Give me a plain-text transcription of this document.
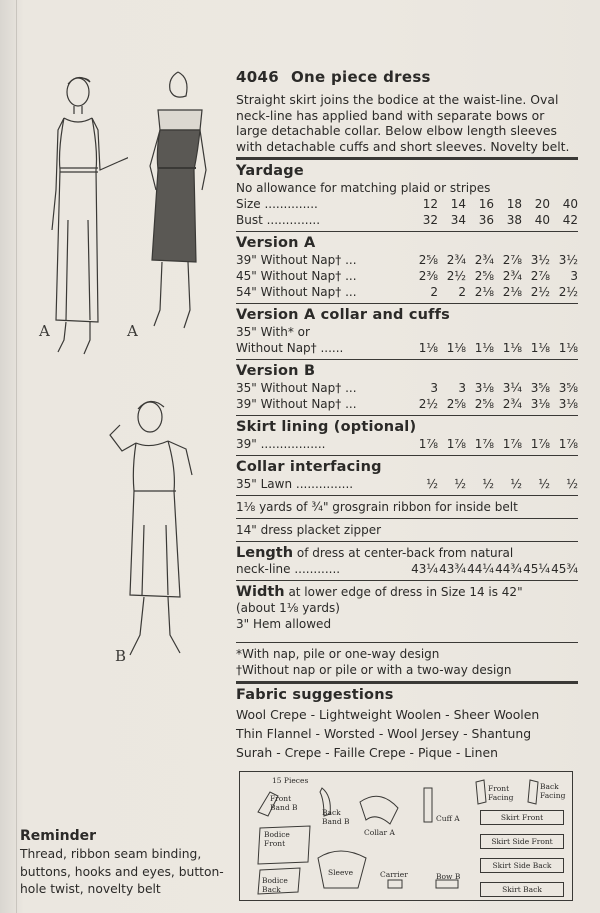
A	A
B
4046 One piece dress

Straight skirt joins the bodice at the waist-line. Oval neck-line has applied band with separate bows or large detachable collar. Below elbow length sleeves with detachable cuffs and short sleeves. Novelty belt.

Yardage
No allowance for matching plaid or stripes
Size ..............	12	14	16	18	20	40
Bust ..............	32	34	36	38	40	42
Version A
39" Without Nap† ...	2⅝ 2¾ 2¾ 2⅞ 3½ 3½
45" Without Nap† ...	2⅜ 2½ 2⅝ 2¾ 2⅞	3
54" Without Nap† ...	2	2 2⅛ 2⅛ 2½ 2½
Version A collar and cuffs
35" With* or
Without Nap† ......	1⅛ 1⅛ 1⅛ 1⅛ 1⅛ 1⅛
Version B
35" Without Nap† ...	3	3 3⅛ 3¼ 3⅝ 3⅝
39" Without Nap† ...	2½ 2⅝ 2⅝ 2¾ 3⅛ 3⅛
Skirt lining (optional)
39" .................	1⅞ 1⅞ 1⅞ 1⅞ 1⅞ 1⅞
Collar interfacing
35" Lawn ...............	½	½	½	½	½	½
1⅛ yards of ¾" grosgrain ribbon for inside belt
14" dress placket zipper
Length of dress at center-back from natural
neck-line ............	43¼ 43¾ 44¼ 44¾ 45¼ 45¾
Width at lower edge of dress in Size 14 is 42"
(about 1⅛ yards)
3" Hem allowed
*With nap, pile or one-way design
†Without nap or pile or with a two-way design
Fabric suggestions
Wool Crepe - Lightweight Woolen - Sheer Woolen
Thin Flannel - Worsted - Wool Jersey - Shantung
Surah - Crepe - Faille Crepe - Pique - Linen
15 Pieces
Front Band B
Back Band B
Collar A
Cuff A
Front Facing
Back Facing
Bodice Front
Bodice Back
Sleeve	Carrier	Bow B
Skirt Front
Skirt Side Front
Skirt Side Back
Skirt Back
Reminder
Thread, ribbon seam binding, buttons, hooks and eyes, button-hole twist, novelty belt
